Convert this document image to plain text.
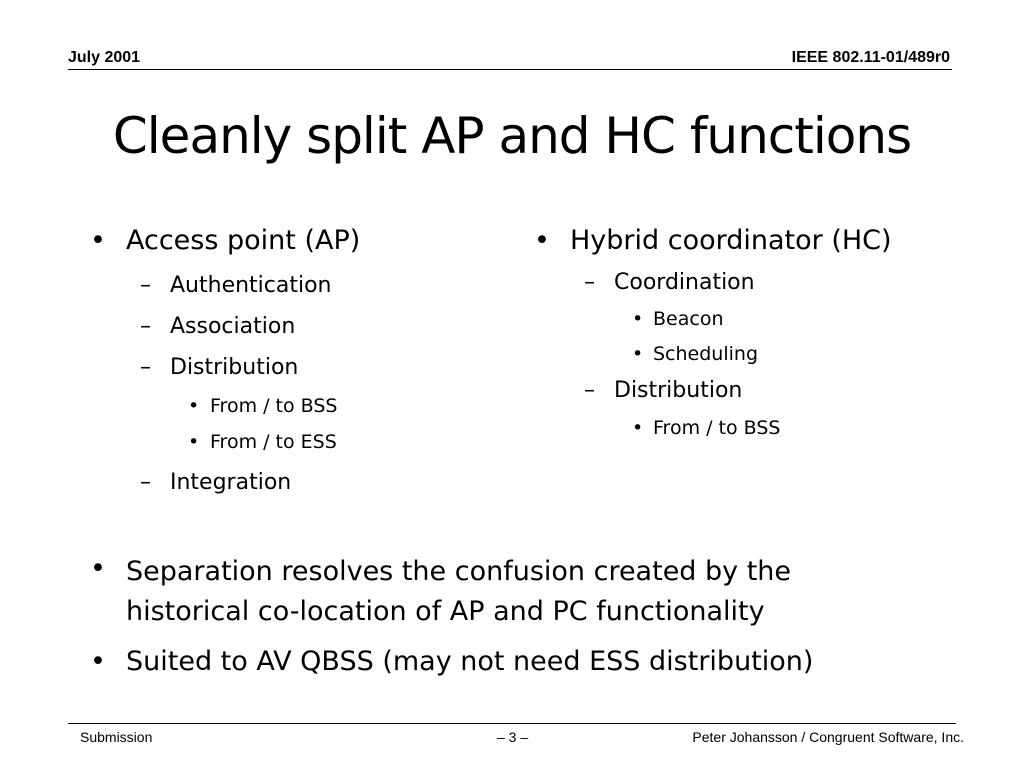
July 2001	IEEE 802.11-01/489r0
Cleanly split AP and HC functions
• Access point (AP)
– Authentication
– Association
– Distribution
• From / to BSS
• From / to ESS
– Integration
• Hybrid coordinator (HC)
– Coordination
• Beacon
• Scheduling
– Distribution
• From / to BSS
• Separation resolves the confusion created by the historical co-location of AP and PC functionality
• Suited to AV QBSS (may not need ESS distribution)
Submission	– 3 –	Peter Johansson / Congruent Software, Inc.
